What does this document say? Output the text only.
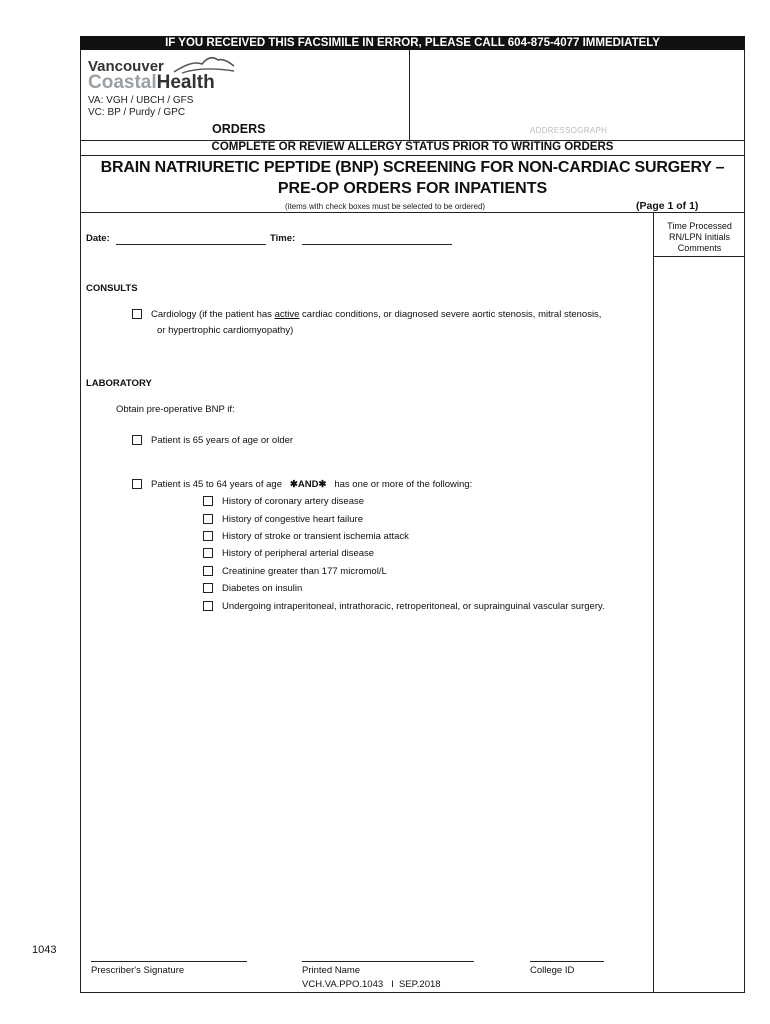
IF YOU RECEIVED THIS FACSIMILE IN ERROR, PLEASE CALL 604-875-4077 IMMEDIATELY
Vancouver
CoastalHealth
VA: VGH / UBCH / GFS
VC: BP / Purdy / GPC
ORDERS	ADDRESSOGRAPH
COMPLETE OR REVIEW ALLERGY STATUS PRIOR TO WRITING ORDERS
BRAIN NATRIURETIC PEPTIDE (BNP) SCREENING FOR NON-CARDIAC SURGERY –
PRE-OP ORDERS FOR INPATIENTS
(items with check boxes must be selected to be ordered)	(Page 1 of 1)
Time Processed
RN/LPN Initials
Comments
Date:	Time:
CONSULTS
Cardiology (if the patient has active cardiac conditions, or diagnosed severe aortic stenosis, mitral stenosis,
or hypertrophic cardiomyopathy)
LABORATORY
Obtain pre-operative BNP if:
Patient is 65 years of age or older
Patient is 45 to 64 years of age ✱AND✱ has one or more of the following:
History of coronary artery disease
History of congestive heart failure
History of stroke or transient ischemia attack
History of peripheral arterial disease
Creatinine greater than 177 micromol/L
Diabetes on insulin
Undergoing intraperitoneal, intrathoracic, retroperitoneal, or suprainguinal vascular surgery.
Prescriber's Signature	Printed Name	College ID
VCH.VA.PPO.1043 I SEP.2018
1043
